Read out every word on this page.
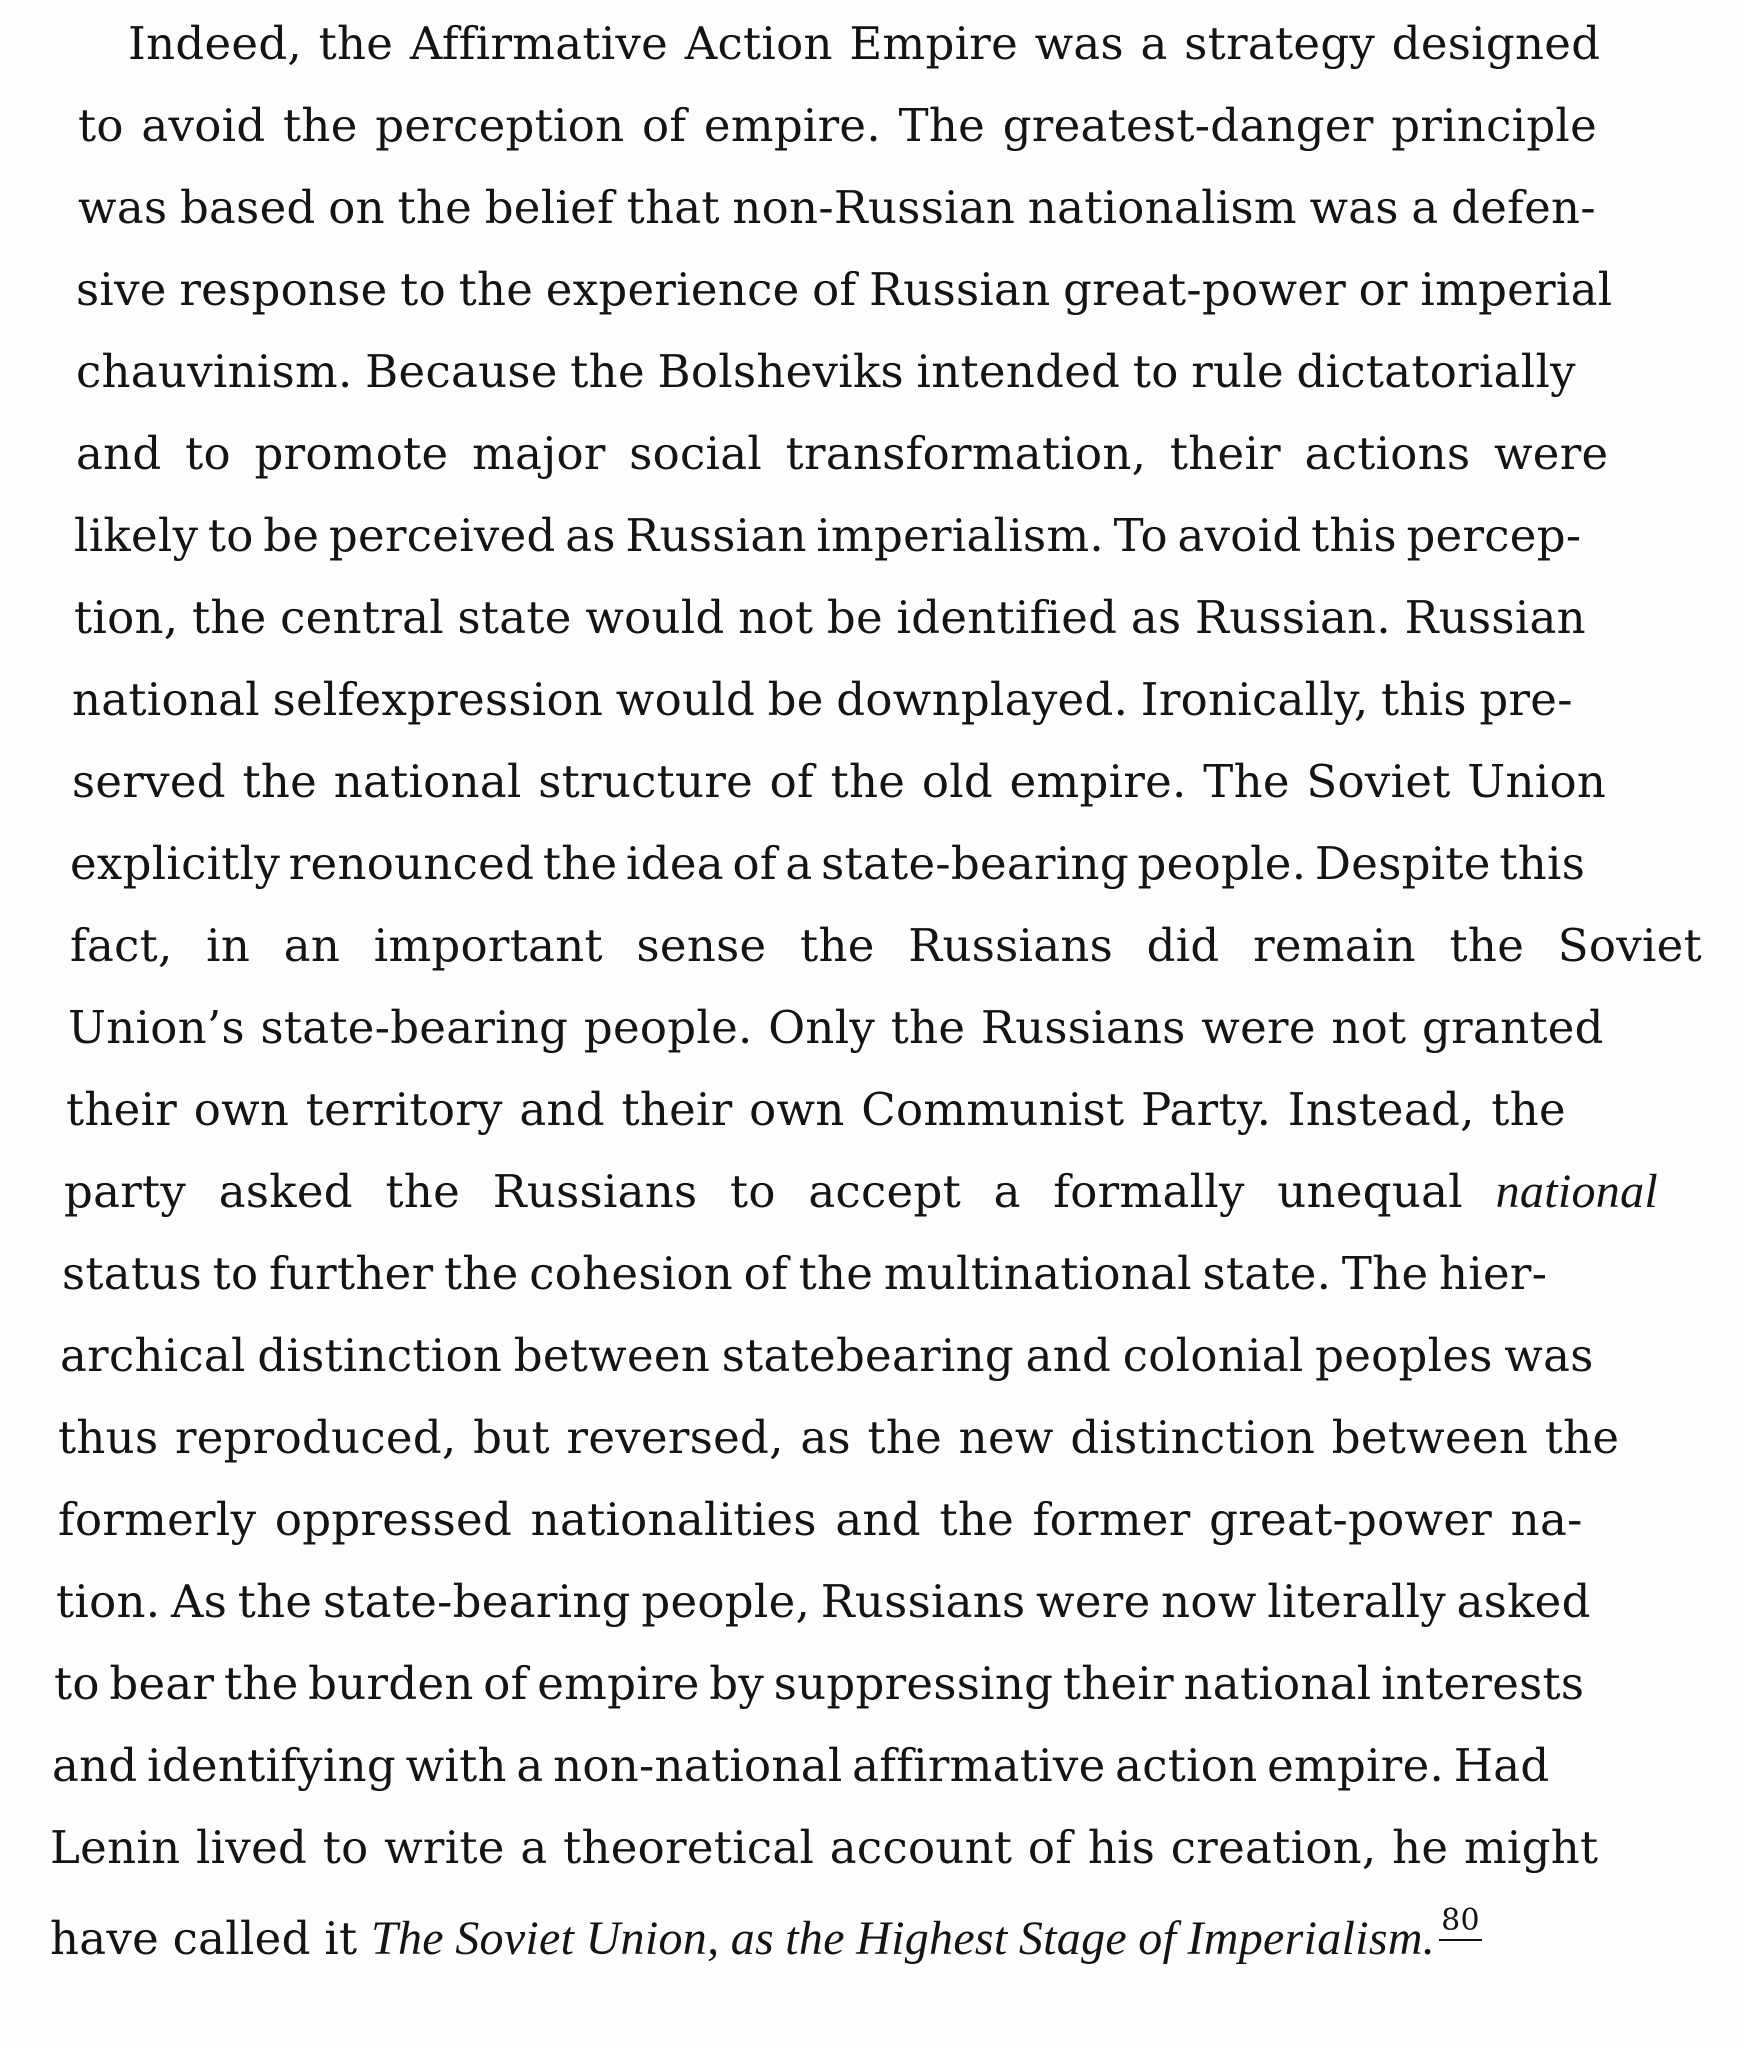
Indeed, the Affirmative Action Empire was a strategy designed
to avoid the perception of empire. The greatest-danger principle
was based on the belief that non-Russian nationalism was a defen-
sive response to the experience of Russian great-power or imperial
chauvinism. Because the Bolsheviks intended to rule dictatorially
and to promote major social transformation, their actions were
likely to be perceived as Russian imperialism. To avoid this percep-
tion, the central state would not be identified as Russian. Russian
national selfexpression would be downplayed. Ironically, this pre-
served the national structure of the old empire. The Soviet Union
explicitly renounced the idea of a state-bearing people. Despite this
fact, in an important sense the Russians did remain the Soviet
Union’s state-bearing people. Only the Russians were not granted
their own territory and their own Communist Party. Instead, the
party asked the Russians to accept a formally unequal national
status to further the cohesion of the multinational state. The hier-
archical distinction between statebearing and colonial peoples was
thus reproduced, but reversed, as the new distinction between the
formerly oppressed nationalities and the former great-power na-
tion. As the state-bearing people, Russians were now literally asked
to bear the burden of empire by suppressing their national interests
and identifying with a non-national affirmative action empire. Had
Lenin lived to write a theoretical account of his creation, he might
have called it The Soviet Union, as the Highest Stage of Imperialism. 80
